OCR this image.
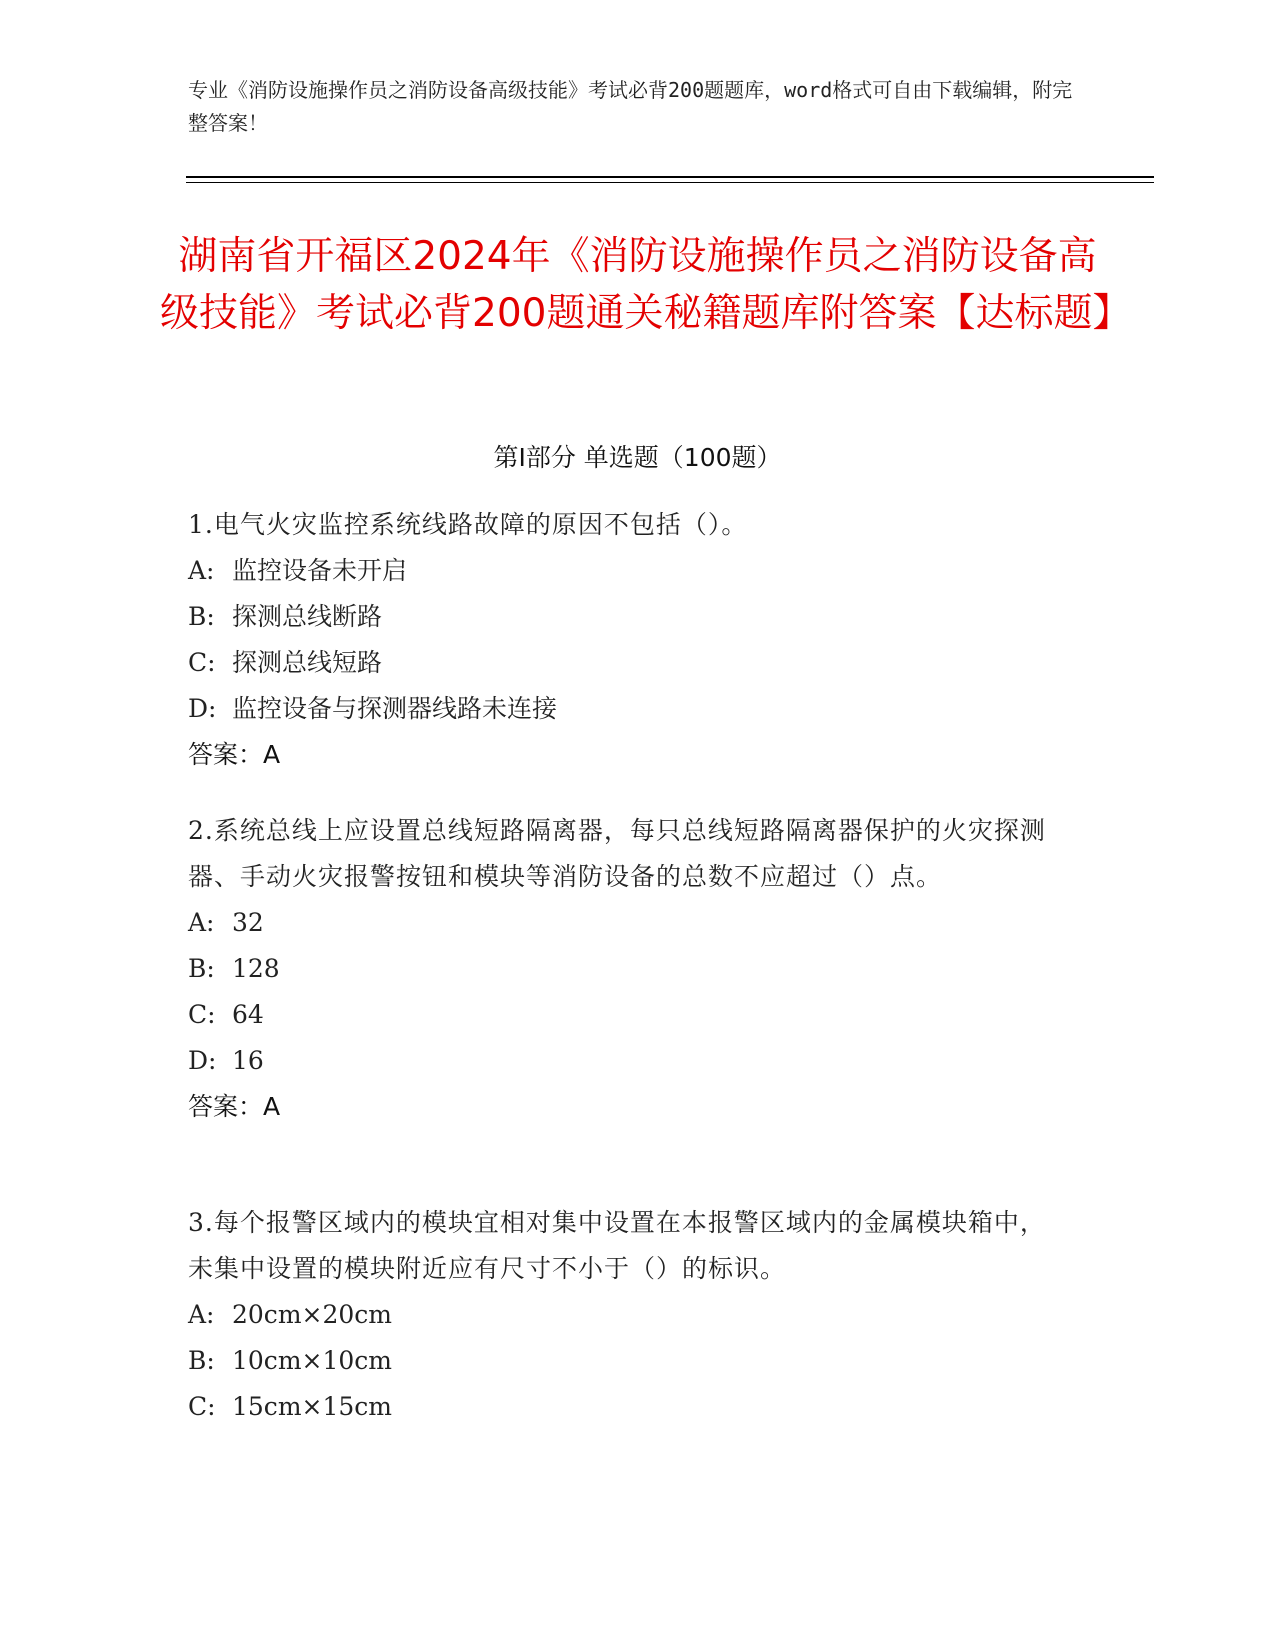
专业《消防设施操作员之消防设备高级技能》考试必背200题题库，word格式可自由下载编辑，附完整答案！
湖南省开福区2024年《消防设施操作员之消防设备高级技能》考试必背200题通关秘籍题库附答案【达标题】
第Ⅰ部分 单选题（100题）
1.电气火灾监控系统线路故障的原因不包括（）。
A: 监控设备未开启
B: 探测总线断路
C: 探测总线短路
D: 监控设备与探测器线路未连接
答案：A
2.系统总线上应设置总线短路隔离器，每只总线短路隔离器保护的火灾探测器、手动火灾报警按钮和模块等消防设备的总数不应超过（）点。
A: 32
B: 128
C: 64
D: 16
答案：A
3.每个报警区域内的模块宜相对集中设置在本报警区域内的金属模块箱中，未集中设置的模块附近应有尺寸不小于（）的标识。
A: 20cm×20cm
B: 10cm×10cm
C: 15cm×15cm
